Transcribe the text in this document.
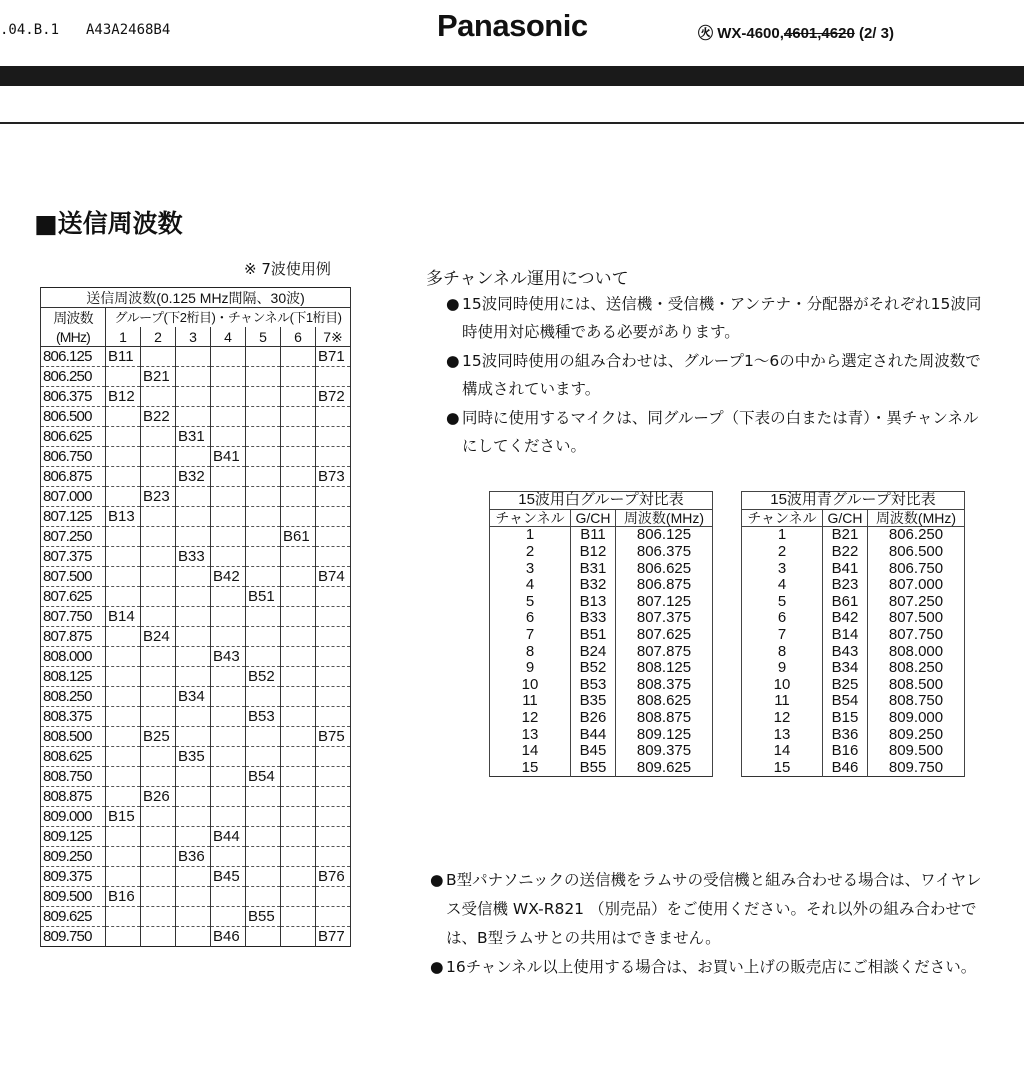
.04.B.1 A43A2468B4	Panasonic	㊋ WX-4600,4601,4620 (2/ 3)
■送信周波数
※ 7波使用例
送信周波数(0.125 MHz間隔、30波)							
周波数	グループ(下2桁目)・チャンネル(下1桁目)						
(MHz)	1	2	3	4	5	6	7※
806.125	B11						B71
806.250		B21					
806.375	B12						B72
806.500		B22					
806.625			B31				
806.750				B41			
806.875			B32				B73
807.000		B23					
807.125	B13						
807.250						B61	
807.375			B33				
807.500				B42			B74
807.625					B51		
807.750	B14						
807.875		B24					
808.000				B43			
808.125					B52		
808.250			B34				
808.375					B53		
808.500		B25					B75
808.625			B35				
808.750					B54		
808.875		B26					
809.000	B15						
809.125				B44			
809.250			B36				
809.375				B45			B76
809.500	B16						
809.625					B55		
809.750				B46			B77
多チャンネル運用について
● 15波同時使用には、送信機・受信機・アンテナ・分配器がそれぞれ15波同時使用対応機種である必要があります。
● 15波同時使用の組み合わせは、グループ1〜6の中から選定された周波数で構成されています。
● 同時に使用するマイクは、同グループ（下表の白または青）・異チャンネルにしてください。
15波用白グループ対比表		
チャンネル	G/CH	周波数(MHz)
1	B11	806.125
2	B12	806.375
3	B31	806.625
4	B32	806.875
5	B13	807.125
6	B33	807.375
7	B51	807.625
8	B24	807.875
9	B52	808.125
10	B53	808.375
11	B35	808.625
12	B26	808.875
13	B44	809.125
14	B45	809.375
15	B55	809.625
15波用青グループ対比表		
チャンネル	G/CH	周波数(MHz)
1	B21	806.250
2	B22	806.500
3	B41	806.750
4	B23	807.000
5	B61	807.250
6	B42	807.500
7	B14	807.750
8	B43	808.000
9	B34	808.250
10	B25	808.500
11	B54	808.750
12	B15	809.000
13	B36	809.250
14	B16	809.500
15	B46	809.750
● B型パナソニックの送信機をラムサの受信機と組み合わせる場合は、ワイヤレス受信機 WX-R821 （別売品）をご使用ください。それ以外の組み合わせでは、B型ラムサとの共用はできません。
● 16チャンネル以上使用する場合は、お買い上げの販売店にご相談ください。
